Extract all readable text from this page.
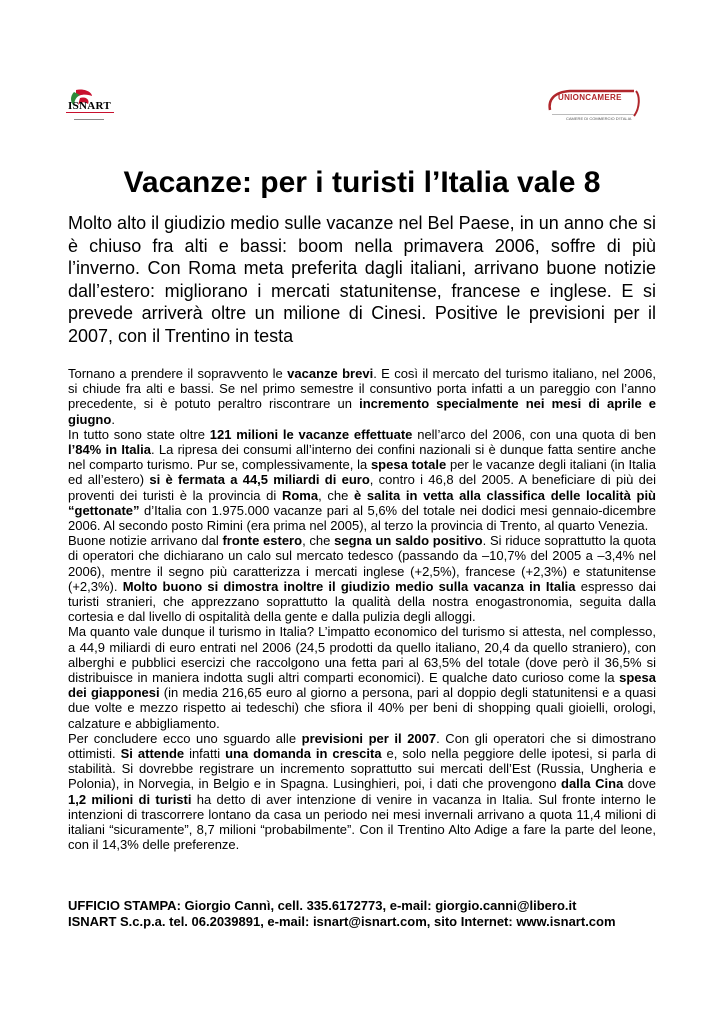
ISNART
UNIONCAMERE
CAMERE DI COMMERCIO D'ITALIA
Vacanze: per i turisti l’Italia vale 8
Molto alto il giudizio medio sulle vacanze nel Bel Paese, in un anno che si è chiuso fra alti e bassi: boom nella primavera 2006, soffre di più l’inverno. Con Roma meta preferita dagli italiani, arrivano buone notizie dall’estero: migliorano i mercati statunitense, francese e inglese. E si prevede arriverà oltre un milione di Cinesi. Positive le previsioni per il 2007, con il Trentino in testa

Tornano a prendere il sopravvento le vacanze brevi. E così il mercato del turismo italiano, nel 2006, si chiude fra alti e bassi. Se nel primo semestre il consuntivo porta infatti a un pareggio con l’anno precedente, si è potuto peraltro riscontrare un incremento specialmente nei mesi di aprile e giugno.

In tutto sono state oltre 121 milioni le vacanze effettuate nell’arco del 2006, con una quota di ben l’84% in Italia. La ripresa dei consumi all’interno dei confini nazionali si è dunque fatta sentire anche nel comparto turismo. Pur se, complessivamente, la spesa totale per le vacanze degli italiani (in Italia ed all’estero) si è fermata a 44,5 miliardi di euro, contro i 46,8 del 2005. A beneficiare di più dei proventi dei turisti è la provincia di Roma, che è salita in vetta alla classifica delle località più “gettonate” d’Italia con 1.975.000 vacanze pari al 5,6% del totale nei dodici mesi gennaio-dicembre 2006. Al secondo posto Rimini (era prima nel 2005), al terzo la provincia di Trento, al quarto Venezia.

Buone notizie arrivano dal fronte estero, che segna un saldo positivo. Si riduce soprattutto la quota di operatori che dichiarano un calo sul mercato tedesco (passando da –10,7% del 2005 a –3,4% nel 2006), mentre il segno più caratterizza i mercati inglese (+2,5%), francese (+2,3%) e statunitense (+2,3%). Molto buono si dimostra inoltre il giudizio medio sulla vacanza in Italia espresso dai turisti stranieri, che apprezzano soprattutto la qualità della nostra enogastronomia, seguita dalla cortesia e dal livello di ospitalità della gente e dalla pulizia degli alloggi.

Ma quanto vale dunque il turismo in Italia? L’impatto economico del turismo si attesta, nel complesso, a 44,9 miliardi di euro entrati nel 2006 (24,5 prodotti da quello italiano, 20,4 da quello straniero), con alberghi e pubblici esercizi che raccolgono una fetta pari al 63,5% del totale (dove però il 36,5% si distribuisce in maniera indotta sugli altri comparti economici). E qualche dato curioso come la spesa dei giapponesi (in media 216,65 euro al giorno a persona, pari al doppio degli statunitensi e a quasi due volte e mezzo rispetto ai tedeschi) che sfiora il 40% per beni di shopping quali gioielli, orologi, calzature e abbigliamento.

Per concludere ecco uno sguardo alle previsioni per il 2007. Con gli operatori che si dimostrano ottimisti. Si attende infatti una domanda in crescita e, solo nella peggiore delle ipotesi, si parla di stabilità. Si dovrebbe registrare un incremento soprattutto sui mercati dell’Est (Russia, Ungheria e Polonia), in Norvegia, in Belgio e in Spagna. Lusinghieri, poi, i dati che provengono dalla Cina dove 1,2 milioni di turisti ha detto di aver intenzione di venire in vacanza in Italia. Sul fronte interno le intenzioni di trascorrere lontano da casa un periodo nei mesi invernali arrivano a quota 11,4 milioni di italiani “sicuramente”, 8,7 milioni “probabilmente”. Con il Trentino Alto Adige a fare la parte del leone, con il 14,3% delle preferenze.

UFFICIO STAMPA: Giorgio Cannì, cell. 335.6172773, e-mail: giorgio.canni@libero.it
ISNART S.c.p.a. tel. 06.2039891, e-mail: isnart@isnart.com, sito Internet: www.isnart.com
